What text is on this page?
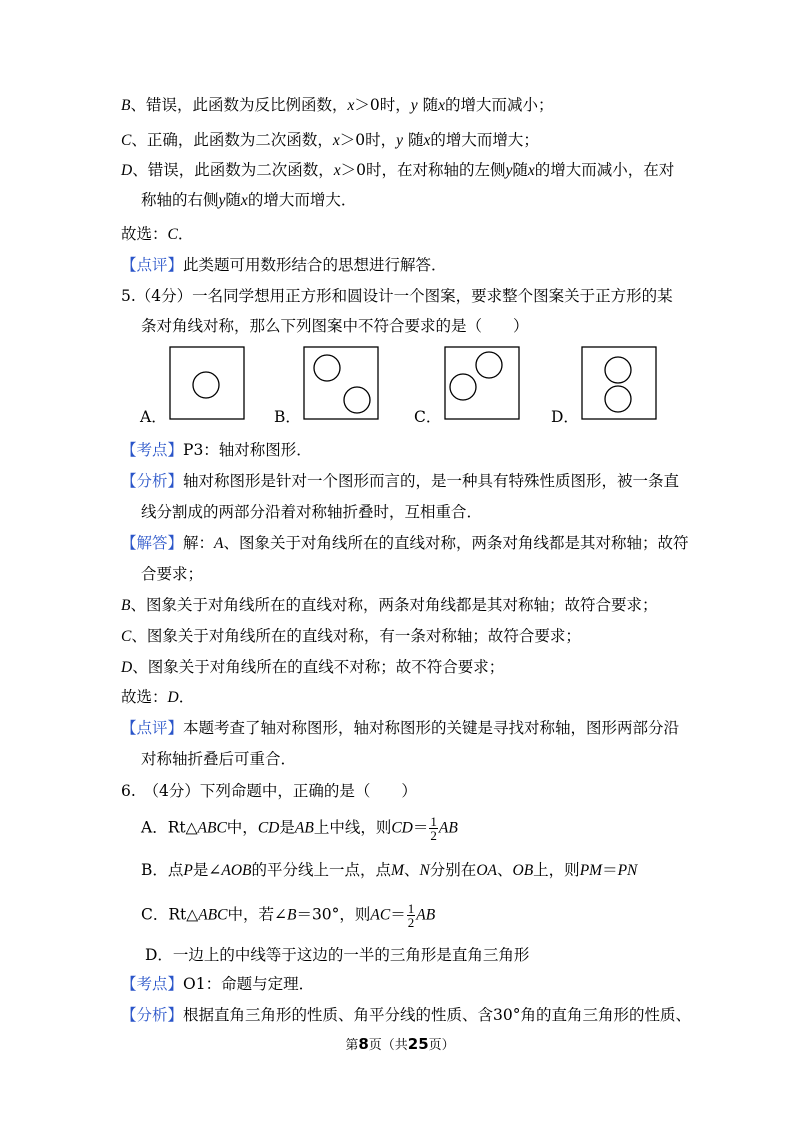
B、错误，此函数为反比例函数，x＞0时，y 随x的增大而减小；
C、正确，此函数为二次函数，x＞0时，y 随x的增大而增大；
D、错误，此函数为二次函数，x＞0时，在对称轴的左侧y随x的增大而减小，在对
称轴的右侧y随x的增大而增大．
故选：C．
【点评】此类题可用数形结合的思想进行解答．
5.（4分）一名同学想用正方形和圆设计一个图案，要求整个图案关于正方形的某
条对角线对称，那么下列图案中不符合要求的是（　　）
A．	B．	C．	D．
【考点】P3：轴对称图形．
【分析】轴对称图形是针对一个图形而言的，是一种具有特殊性质图形，被一条直
线分割成的两部分沿着对称轴折叠时，互相重合．
【解答】解：A、图象关于对角线所在的直线对称，两条对角线都是其对称轴；故符
合要求；
B、图象关于对角线所在的直线对称，两条对角线都是其对称轴；故符合要求；
C、图象关于对角线所在的直线对称，有一条对称轴；故符合要求；
D、图象关于对角线所在的直线不对称；故不符合要求；
故选：D．
【点评】本题考查了轴对称图形，轴对称图形的关键是寻找对称轴，图形两部分沿
对称轴折叠后可重合．
6.　（4分）下列命题中，正确的是（　　）
A．Rt△ABC中，CD是AB上中线，则$CD= \frac{1}{2}$ AB
B．点P是∠AOB的平分线上一点，点M、N分别在OA、OB上，则PM＝PN
C．Rt△ABC中，若∠B＝30°，则$AC= \frac{1}{2}$ AB
D．一边上的中线等于这边的一半的三角形是直角三角形
【考点】O1：命题与定理．
【分析】根据直角三角形的性质、角平分线的性质、含30°角的直角三角形的性质、
第8页（共25页）
